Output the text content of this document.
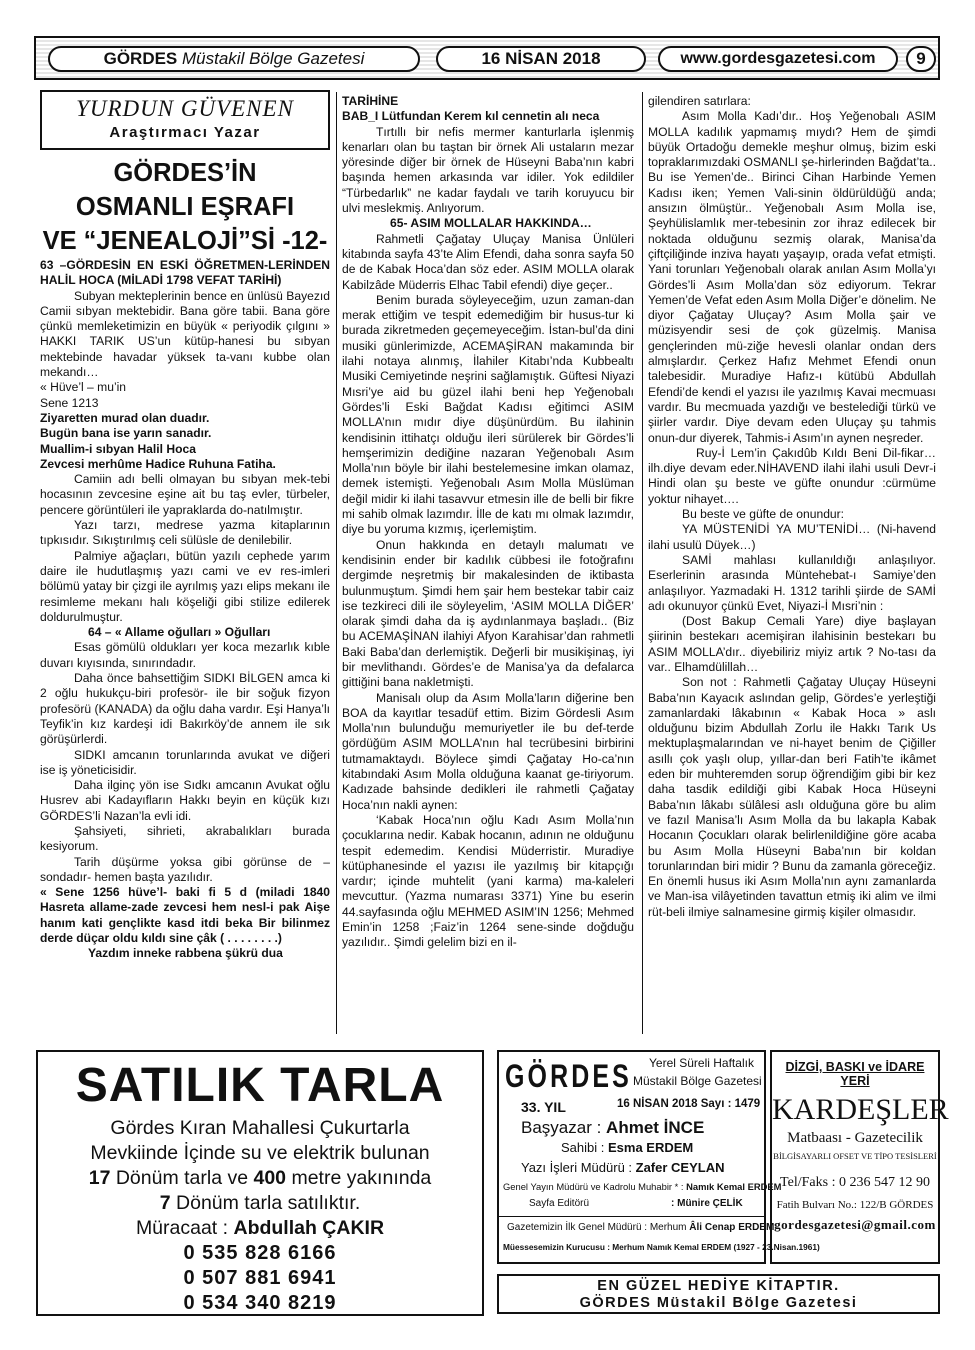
GÖRDES Müstakil Bölge Gazetesi	16 NİSAN 2018	www.gordesgazetesi.com	9
YURDUN GÜVENEN
Araştırmacı Yazar
GÖRDES’İN
OSMANLI EŞRAFI
VE “JENEALOJİ”Sİ -12-

63 –GÖRDESİN EN ESKİ ÖĞRETMEN-LERİNDEN HALİL HOCA (MİLADİ 1798 VEFAT TARİHİ)

Subyan mekteplerinin bence en ünlüsü Bayezıd Camii sıbyan mektebidir. Bana göre tabii. Bana göre çünkü memleketimizin en büyük « periyodik çılgını » HAKKI TARIK US’un kütüp-hanesi bu sıbyan mektebinde havadar yüksek ta-vanı kubbe olan mekandı…

« Hüve’l – mu’in

Sene 1213

Ziyaretten murad olan duadır.

Bugün bana ise yarın sanadır.

Muallim-i sıbyan Halil Hoca

Zevcesi merhûme Hadice Ruhuna Fatiha.

Camiin adı belli olmayan bu sıbyan mek-tebi hocasının zevcesine eşine ait bu taş evler, türbeler, pencere görüntüleri ile yapraklarda do-natılmıştır.

Yazı tarzı, medrese yazma kitaplarının tıpkısıdır. Sıkıştırılmış celi sülüsle de denilebilir.

Palmiye ağaçları, bütün yazılı cephede yarım daire ile hudutlaşmış yazı cami ve ev res-imleri bölümü yatay bir çizgi ile ayrılmış yazı elips mekanı ile resimleme mekanı halı köşeliği gibi stilize edilerek doldurulmuştur.

64 – « Allame oğulları » Oğulları

Esas gömülü oldukları yer koca mezarlık kıble duvarı kıyısında, sınırındadır.

Daha önce bahsettiğim SIDKI BİLGEN amca ki 2 oğlu hukukçu-biri profesör- ile bir soğuk fizyon profesörü (KANADA) da oğlu daha vardır. Eşi Hanya’lı Teyfik’in kız kardeşi idi Bakırköy’de annem ile sık görüşürlerdi.

SIDKI amcanın torunlarında avukat ve diğeri ise iş yöneticisidir.

Daha ilginç yön ise Sıdkı amcanın Avukat oğlu Husrev abi Kadayıfların Hakkı beyin en küçük kızı GÖRDES’li Nazan’la evli idi.

Şahsiyeti, sihrieti, akrabalıkları burada kesiyorum.

Tarih düşürme yoksa gibi görünse de – sondadır- hemen başta yazılıdır.

« Sene 1256 hüve’l- baki fi 5 d (miladi 1840 Hasreta allame-zade zevcesi hem nesl-i pak Aişe hanım kati gençlikte kasd itdi beka Bir bilinmez derde düçar oldu kıldı sine çâk ( . . . . . . . .)

Yazdım inneke rabbena şükrü dua

TARİHİNE

BAB_I Lütfundan Kerem kıl cennetin alı neca

Tırtıllı bir nefis mermer kanturlarla işlenmiş kenarları olan bu taştan bir örnek Ali ustaların mezar yöresinde diğer bir örnek de Hüseyni Baba’nın kabri başında hemen arkasında var idiler. Yok edildiler “Türbedarlık” ne kadar faydalı ve tarih koruyucu bir ulvi meslekmiş. Anlıyorum.

65- ASIM MOLLALAR HAKKINDA…

Rahmetli Çağatay Uluçay Manisa Ünlüleri kitabında sayfa 43’te Alim Efendi, daha sonra sayfa 50 de de Kabak Hoca’dan söz eder. ASIM MOLLA olarak Kabilzâde Müderris Elhac Tabil efendi) diye geçer..

Benim burada söyleyeceğim, uzun zaman-dan merak ettiğim ve tespit edemediğim bir husus-tur ki burada zikretmeden geçemeyeceğim. İstan-bul’da dini musiki günlerimizde, ACEMAŞİRAN makamında bir ilahi notaya alınmış, İlahiler Kitabı’nda Kubbealtı Musiki Cemiyetinde neşrini sağlamıştık. Güftesi Niyazi Mısri’ye aid bu güzel ilahi beni hep Yeğenobalı Gördes’li Eski Bağdat Kadısı eğitimci ASIM MOLLA’nın mıdır diye düşünürdüm. Bu ilahinin kendisinin ittihatçı olduğu ileri sürülerek bir Gördes’li hemşerimizin dediğine nazaran Yeğenobalı Asım Molla’nın böyle bir ilahi bestelemesine imkan olamaz, demek istemişti. Yeğenobalı Asım Molla Müslüman değil midir ki ilahi tasavvur etmesin ille de belli bir fikre mi sahib olmak lazımdır. İlle de katı mı olmak lazımdır, diye bu yoruma kızmış, içerlemiştim.

Onun hakkında en detaylı malumatı ve kendisinin ender bir kadılık cübbesi ile fotoğrafını dergimde neşretmiş bir makalesinden de iktibasta bulunmuştum. Şimdi hem şair hem bestekar tabir caiz ise tezkireci dili ile söyleyelim, ‘ASIM MOLLA DİĞER’ olarak şimdi daha da iş aydınlanmaya başladı.. (Biz bu ACEMAŞİNAN ilahiyi Afyon Karahisar’dan rahmetli Baki Baba’dan derlemiştik. Değerli bir musikişinaş, iyi bir mevlithandı. Gördes’e de Manisa’ya da defalarca gittiğini bana nakletmişti.

Manisalı olup da Asım Molla’ların diğerine ben BOA da kayıtlar tesadüf ettim. Bizim Gördesli Asım Molla’nın bulunduğu memuriyetler ile bu def-terde gördüğüm ASIM MOLLA’nın hal tecrübesini birbirini tutmamaktaydı. Böylece şimdi Çağatay Ho-ca’nın kitabındaki Asım Molla olduğuna kaanat ge-tiriyorum. Kadızade bahsinde dedikleri ile rahmetli Çağatay Hoca’nın nakli aynen:

‘Kabak Hoca’nın oğlu Kadı Asım Molla’nın çocuklarına nedir. Kabak hocanın, adının ne olduğunu tespit edemedim. Kendisi Müderristir. Muradiye kütüphanesinde el yazısı ile yazılmış bir kitapçığı vardır; içinde muhtelit (yani karma) ma-kaleleri mevcuttur. (Yazma numarası 3371) Yine bu eserin 44.sayfasında oğlu MEHMED ASIM’IN 1256; Mehmed Emin’in 1258 ;Faiz’in 1264 sene-sinde doğduğu yazılıdır.. Şimdi gelelim bizi en il-

gilendiren satırlara:

Asım Molla Kadı’dır.. Hoş Yeğenobalı ASIM MOLLA kadılık yapmamış mıydı? Hem de şimdi büyük Ortadoğu demekle meşhur olmuş, bizim eski topraklarımızdaki OSMANLI şe-hirlerinden Bağdat’ta.. Bu ise Yemen’de.. Birinci Cihan Harbinde Yemen Kadısı iken; Yemen Vali-sinin öldürüldüğü anda; ansızın ölmüştür.. Yeğenobalı Asım Molla ise, Şeyhülislamlık mer-tebesinin zor ihraz edilecek bir noktada olduğunu sezmiş olarak, Manisa’da çiftçiliğinde inziva hayatı yaşayıp, orada vefat etmişti. Yani torunları Yeğenobalı olarak anılan Asım Molla’yı Gördes’li Asım Molla’dan söz ediyorum. Tekrar Yemen’de Vefat eden Asım Molla Diğer’e dönelim. Ne diyor Çağatay Uluçay? Asım Molla şair ve müzisyendir sesi de çok güzelmiş. Manisa gençlerinden mü-ziğe hevesli olanlar ondan ders almışlardır. Çerkez Hafız Mehmet Efendi onun talebesidir. Muradiye Hafız-ı kütübü Abdullah Efendi’de kendi el yazısı ile yazılmış Kavai mecmuası vardır. Bu mecmuada yazdığı ve bestelediği türkü ve şiirler vardır. Diye devam eden Uluçay şu tahmis onun-dur diyerek, Tahmis-i Asım’ın aynen neşreder.

Ruy-İ Lem’in Çakıdûb Kıldı Beni Dil-fikar…ilh.diye devam eder.NİHAVEND ilahi ilahi usuli Devr-i Hindi olan şu beste ve güfte onundur :cürmüme yoktur nihayet….

Bu beste ve güfte de onundur:

YA MÜSTENİDİ YA MU’TENİDİ… (Ni-havend ilahi usulü Düyek…)

SAMİ mahlası kullanıldığı anlaşılıyor. Eserlerinin arasında Müntehebat-ı Samiye’den anlaşılıyor. Yazmadaki H. 1312 tarihli şiirde de SAMİ adı okunuyor çünkü Evet, Niyazi-İ Mısri’nin :

(Dost Bakup Cemali Yare) diye başlayan şiirinin bestekarı acemişiran ilahisinin bestekarı bu ASIM MOLLA’dır.. diyebiliriz miyiz artık ? No-tası da var.. Elhamdülillah…

Son not : Rahmetli Çağatay Uluçay Hüseyni Baba’nın Kayacık aslından gelip, Gördes’e yerleştiği zamanlardaki lâkabının « Kabak Hoca » aslı olduğunu bizim Abdullah Zorlu ile Hakkı Tarık Us mektuplaşmalarından ve ni-hayet benim de Çiğiller asıllı çok yaşlı olup, yıllar-dan beri Fatih’te ikâmet eden bir muhteremden sorup öğrendiğim gibi bir kez daha tasdik edildiği gibi Kabak Hoca Hüseyni Baba’nın lâkabı sülâlesi aslı olduğuna göre bu alim ve fazıl Manisa’lı Asım Molla da bu lakapla Kabak Hocanın Çocukları olarak belirlenildiğine göre acaba bu Asım Molla Hüseyni Baba’nın bir koldan torunlarından biri midir ? Bunu da zamanla göreceğiz. En önemli husus iki Asım Molla’nın aynı zamanlarda ve Man-isa vilâyetinden tavattun etmiş iki alim ve ilmi rüt-beli ilmiye salnamesine girmiş kişiler olmasıdır.

SATILIK TARLA
Gördes Kıran Mahallesi Çukurtarla
Mevkiinde İçinde su ve elektrik bulunan
17 Dönüm tarla ve 400 metre yakınında
7 Dönüm tarla satılıktır.
Müracaat : Abdullah ÇAKIR
0 535 828 6166
0 507 881 6941
0 534 340 8219
GÖRDES Yerel Süreli Haftalık
Müstakil Bölge Gazetesi
33. YIL	16 NİSAN 2018 Sayı : 1479
Başyazar : Ahmet İNCE
Sahibi : Esma ERDEM
Yazı İşleri Müdürü : Zafer CEYLAN
Genel Yayın Müdürü ve Kadrolu Muhabir * : Namık Kemal ERDEM
Sayfa Editörü	: Münire ÇELİK
Gazetemizin İlk Genel Müdürü : Merhum Âli Cenap ERDEM
Müessesemizin Kurucusu : Merhum Namık Kemal ERDEM (1927 - 23.Nisan.1961)
DİZGİ, BASKI ve İDARE YERİ
KARDEŞLER
Matbaası - Gazetecilik
BİLGİSAYARLI OFSET VE TİPO TESİSLERİ
Tel/Faks : 0 236 547 12 90
Fatih Bulvarı No.: 122/B GÖRDES
gordesgazetesi@gmail.com
EN GÜZEL HEDİYE KİTAPTIR.
GÖRDES Müstakil Bölge Gazetesi
